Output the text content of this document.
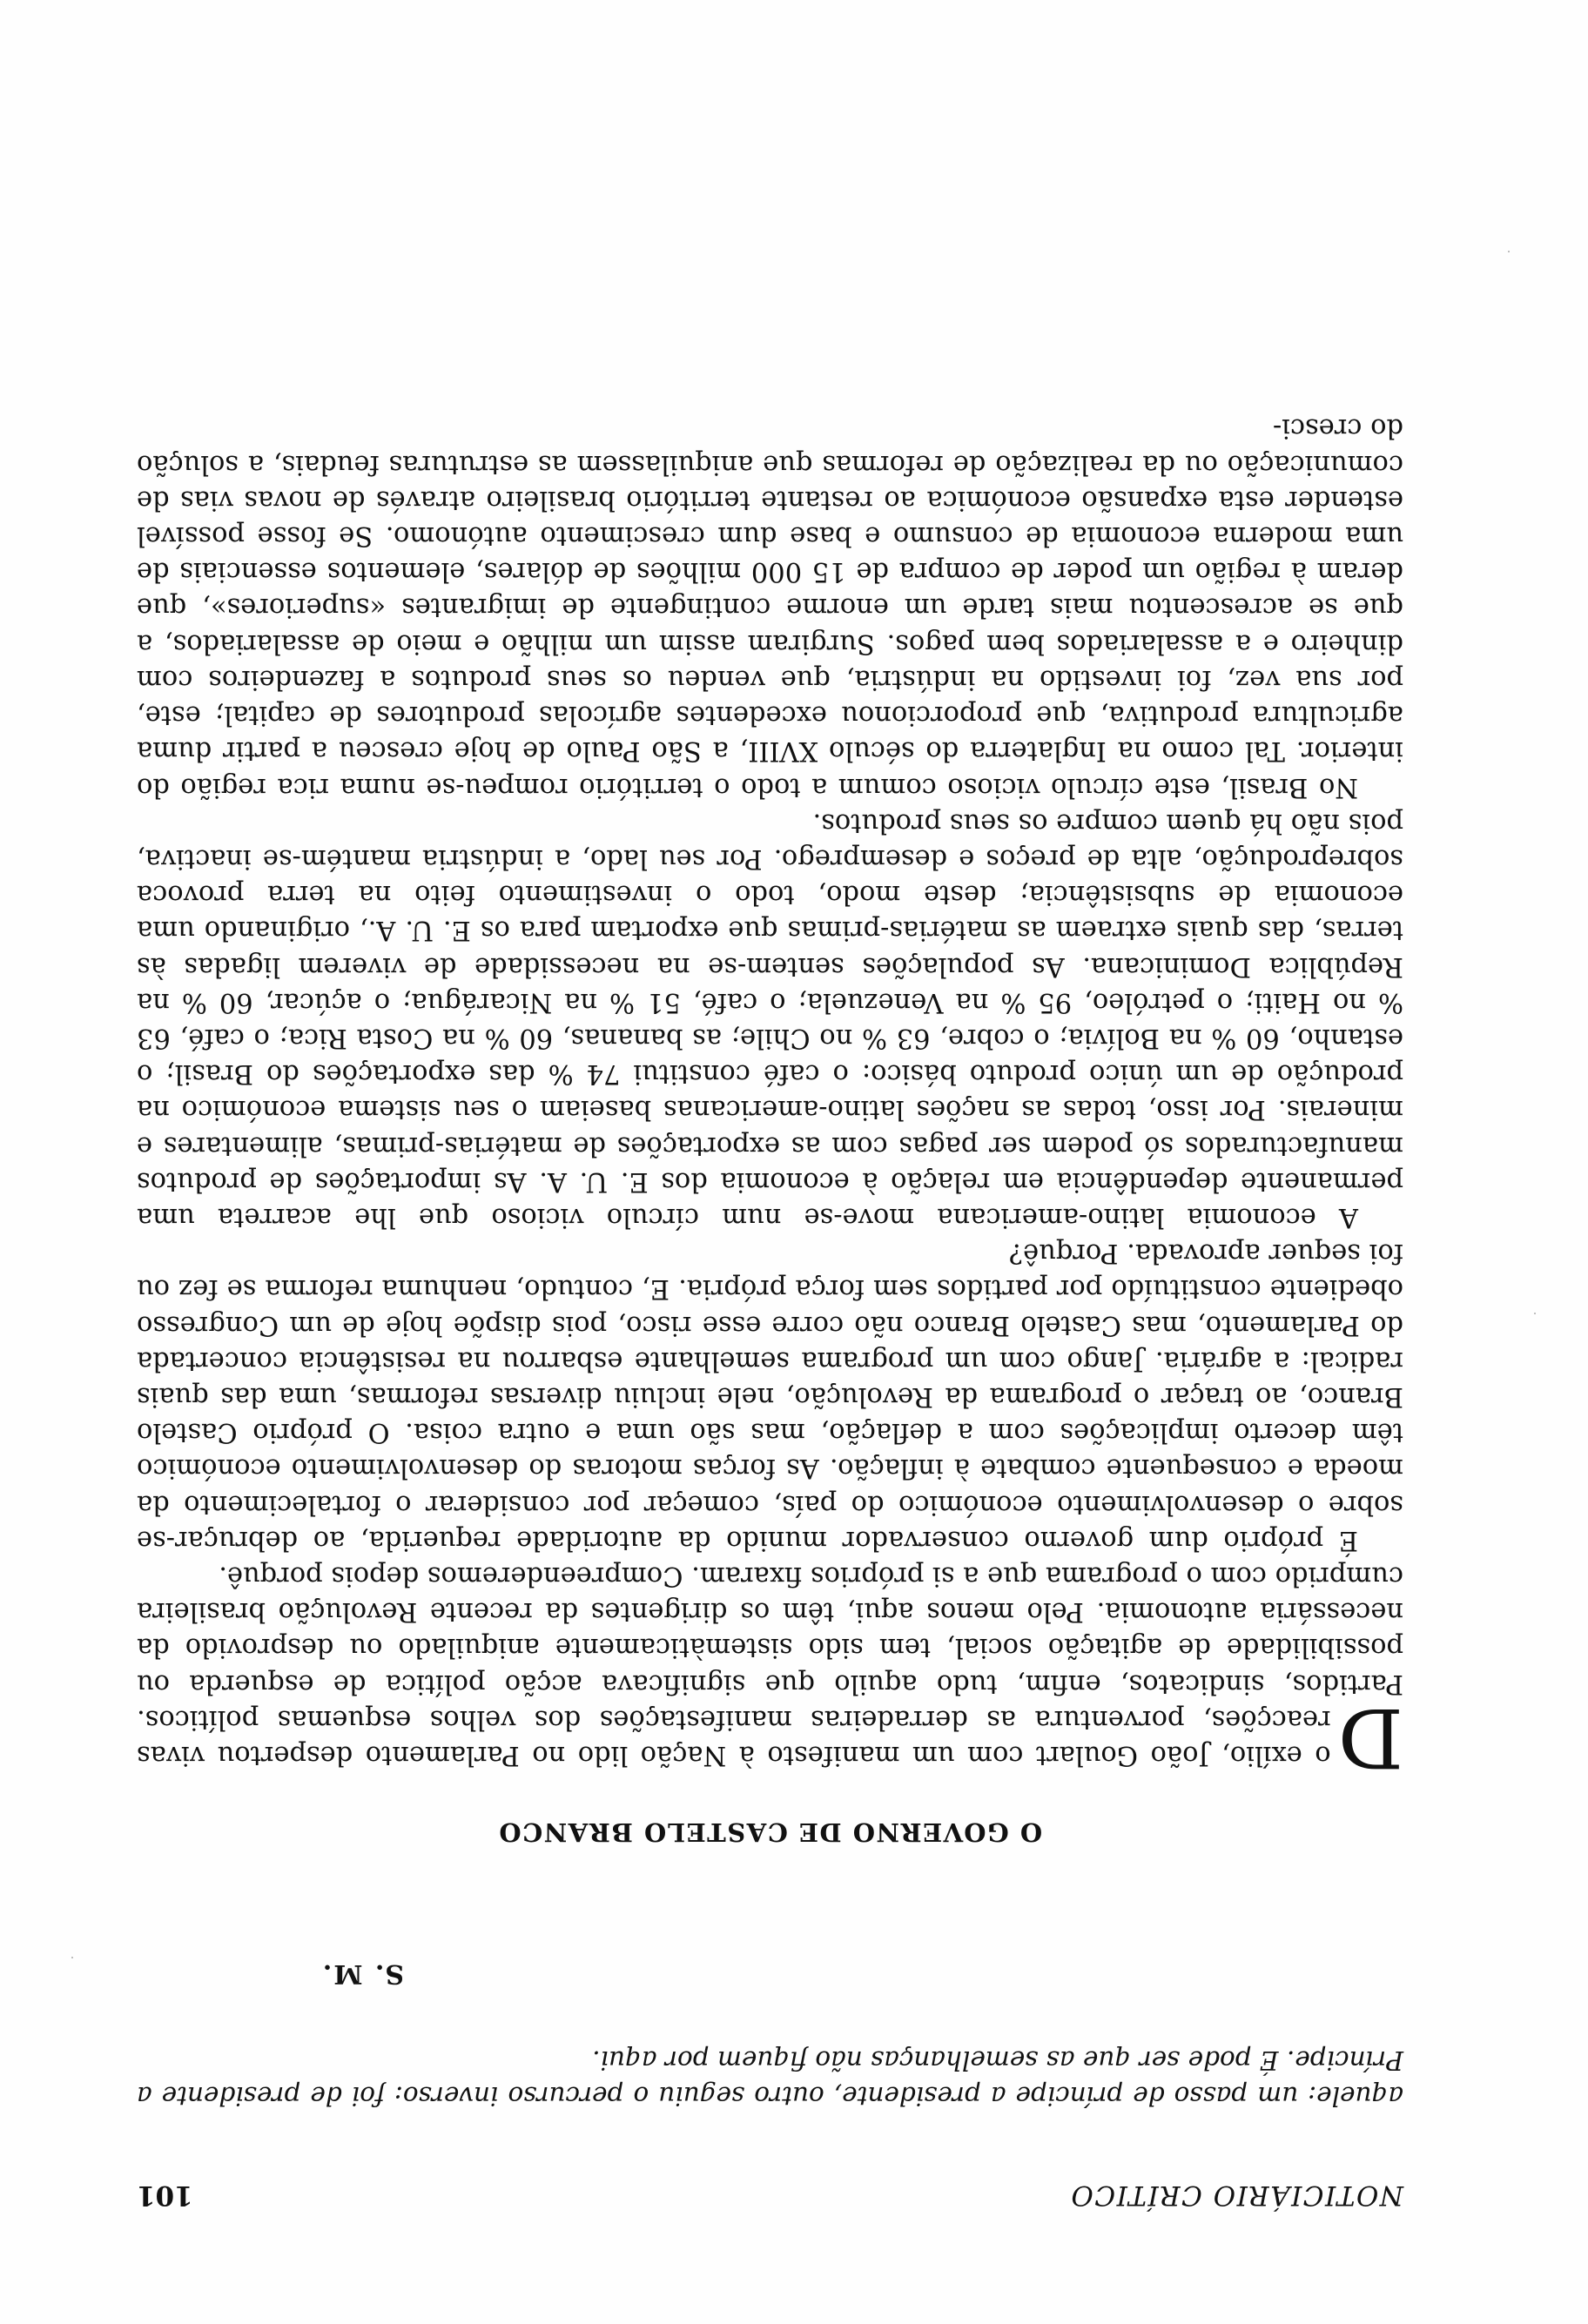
NOTICIÁRIO CRÍTICO
101
aquele: um passo de príncipe a presidente, outro seguiu o percurso inverso: foi de presidente a Príncipe. É pode ser que as semelhanças não fiquem por aqui.
S. M.
O GOVERNO DE CASTELO BRANCO

D
o exílio, João Goulart com um manifesto à Nação lido no Parlamento despertou vivas reacções, porventura as derradeiras manifestações dos velhos esquemas políticos. Partidos, sindicatos, enfim, tudo aquilo que significava acção política de esquerda ou possibilidade de agitação social, tem sido sistemàticamente aniquilado ou desprovido da necessária autonomia. Pelo menos aqui, têm os dirigentes da recente Revolução brasileira cumprido com o programa que a si próprios fixaram. Compreenderemos depois porquê.

É próprio dum governo conservador munido da autoridade requerida, ao debruçar-se sobre o desenvolvimento económico do país, começar por considerar o fortalecimento da moeda e consequente combate à inflação. As forças motoras do desenvolvimento económico têm decerto implicações com a deflação, mas são uma e outra coisa. O próprio Castelo Branco, ao traçar o programa da Revolução, nele incluiu diversas reformas, uma das quais radical: a agrária. Jango com um programa semelhante esbarrou na resistência concertada do Parlamento, mas Castelo Branco não corre esse risco, pois dispõe hoje de um Congresso obediente constituído por partidos sem força própria. E, contudo, nenhuma reforma se fez ou foi sequer aprovada. Porquê?

A economia latino-americana move-se num círculo vicioso que lhe acarreta uma permanente dependência em relação à economia dos E. U. A. As importações de produtos manufacturados só podem ser pagas com as exportações de matérias-primas, alimentares e minerais. Por isso, todas as nações latino-americanas baseiam o seu sistema económico na produção de um único produto básico: o café constitui 74 % das exportações do Brasil; o estanho, 60 % na Bolívia; o cobre, 63 % no Chile; as bananas, 60 % na Costa Rica; o café, 63 % no Haiti; o petróleo, 95 % na Venezuela; o café, 51 % na Nicarágua; o açúcar, 60 % na República Dominicana. As populações sentem-se na necessidade de viverem ligadas às terras, das quais extraem as matérias-primas que exportam para os E. U. A., originando uma economia de subsistência; deste modo, todo o investimento feito na terra provoca sobreprodução, alta de preços e desemprego. Por seu lado, a indústria mantém-se inactiva, pois não há quem compre os seus produtos.

No Brasil, este círculo vicioso comum a todo o território rompeu-se numa rica região do interior. Tal como na Inglaterra do século XVIII, a São Paulo de hoje cresceu a partir duma agricultura produtiva, que proporcionou excedentes agrícolas produtores de capital; este, por sua vez, foi investido na indústria, que vendeu os seus produtos a fazendeiros com dinheiro e a assalariados bem pagos. Surgiram assim um milhão e meio de assalariados, a que se acrescentou mais tarde um enorme contingente de imigrantes «superiores», que deram à região um poder de compra de 15 000 milhões de dólares, elementos essenciais de uma moderna economia de consumo e base dum crescimento autónomo. Se fosse possível estender esta expansão económica ao restante território brasileiro através de novas vias de comunicação ou da realização de reformas que aniquilassem as estruturas feudais, a solução do cresci-
